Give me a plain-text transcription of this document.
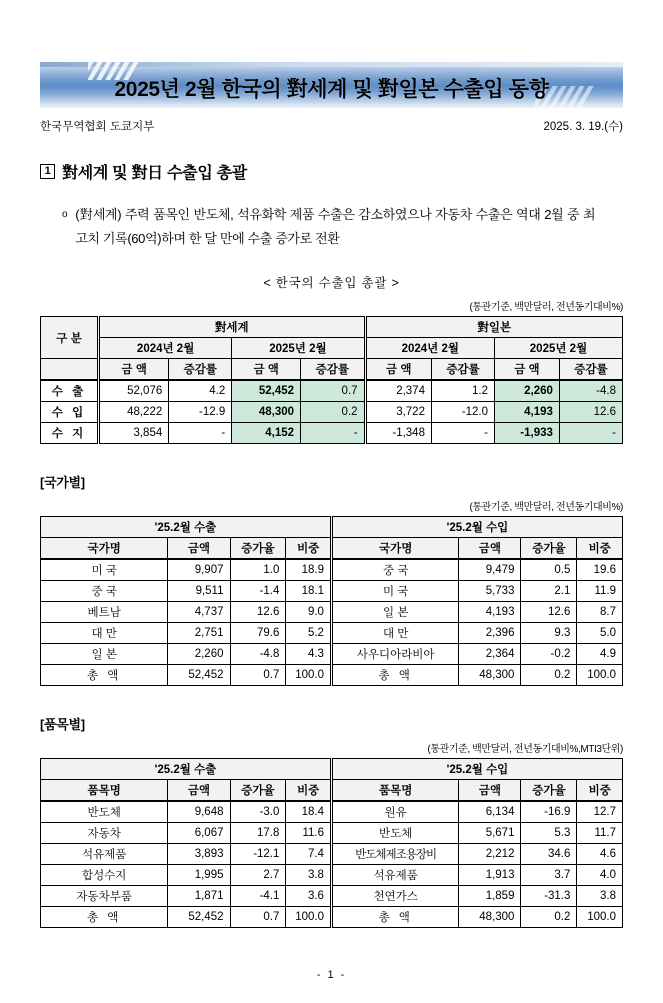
2025년 2월 한국의 對세계 및 對일본 수출입 동향
한국무역협회 도쿄지부	2025. 3. 19.(수)
1 對세계 및 對日 수출입 총괄
o (對세계) 주력 품목인 반도체, 석유화학 제품 수출은 감소하였으나 자동차 수출은 역대 2월 중 최고치 기록(60억)하며 한 달 만에 수출 증가로 전환
< 한국의 수출입 총괄 >
(통관기준, 백만달러, 전년동기대비%)
구 분	對세계				對일본			
	2024년 2월		2025년 2월		2024년 2월		2025년 2월	
	금 액	증감률	금 액	증감률	금 액	증감률	금 액	증감률
수 출	52,076	4.2	52,452	0.7	2,374	1.2	2,260	-4.8
수 입	48,222	-12.9	48,300	0.2	3,722	-12.0	4,193	12.6
수 지	3,854	-	4,152	-	-1,348	-	-1,933	-
[국가별]
(통관기준, 백만달러, 전년동기대비%)
'25.2월 수출				'25.2월 수입			
국가명	금액	증가율	비중	국가명	금액	증가율	비중
미 국	9,907	1.0	18.9	중 국	9,479	0.5	19.6
중 국	9,511	-1.4	18.1	미 국	5,733	2.1	11.9
베트남	4,737	12.6	9.0	일 본	4,193	12.6	8.7
대 만	2,751	79.6	5.2	대 만	2,396	9.3	5.0
일 본	2,260	-4.8	4.3	사우디아라비아	2,364	-0.2	4.9
총 액	52,452	0.7	100.0	총 액	48,300	0.2	100.0
[품목별]
(통관기준, 백만달러, 전년동기대비%,MTI3단위)
'25.2월 수출				'25.2월 수입			
품목명	금액	증가율	비중	품목명	금액	증가율	비중
반도체	9,648	-3.0	18.4	원유	6,134	-16.9	12.7
자동차	6,067	17.8	11.6	반도체	5,671	5.3	11.7
석유제품	3,893	-12.1	7.4	반도체제조용장비	2,212	34.6	4.6
합성수지	1,995	2.7	3.8	석유제품	1,913	3.7	4.0
자동차부품	1,871	-4.1	3.6	천연가스	1,859	-31.3	3.8
총 액	52,452	0.7	100.0	총 액	48,300	0.2	100.0
- 1 -
